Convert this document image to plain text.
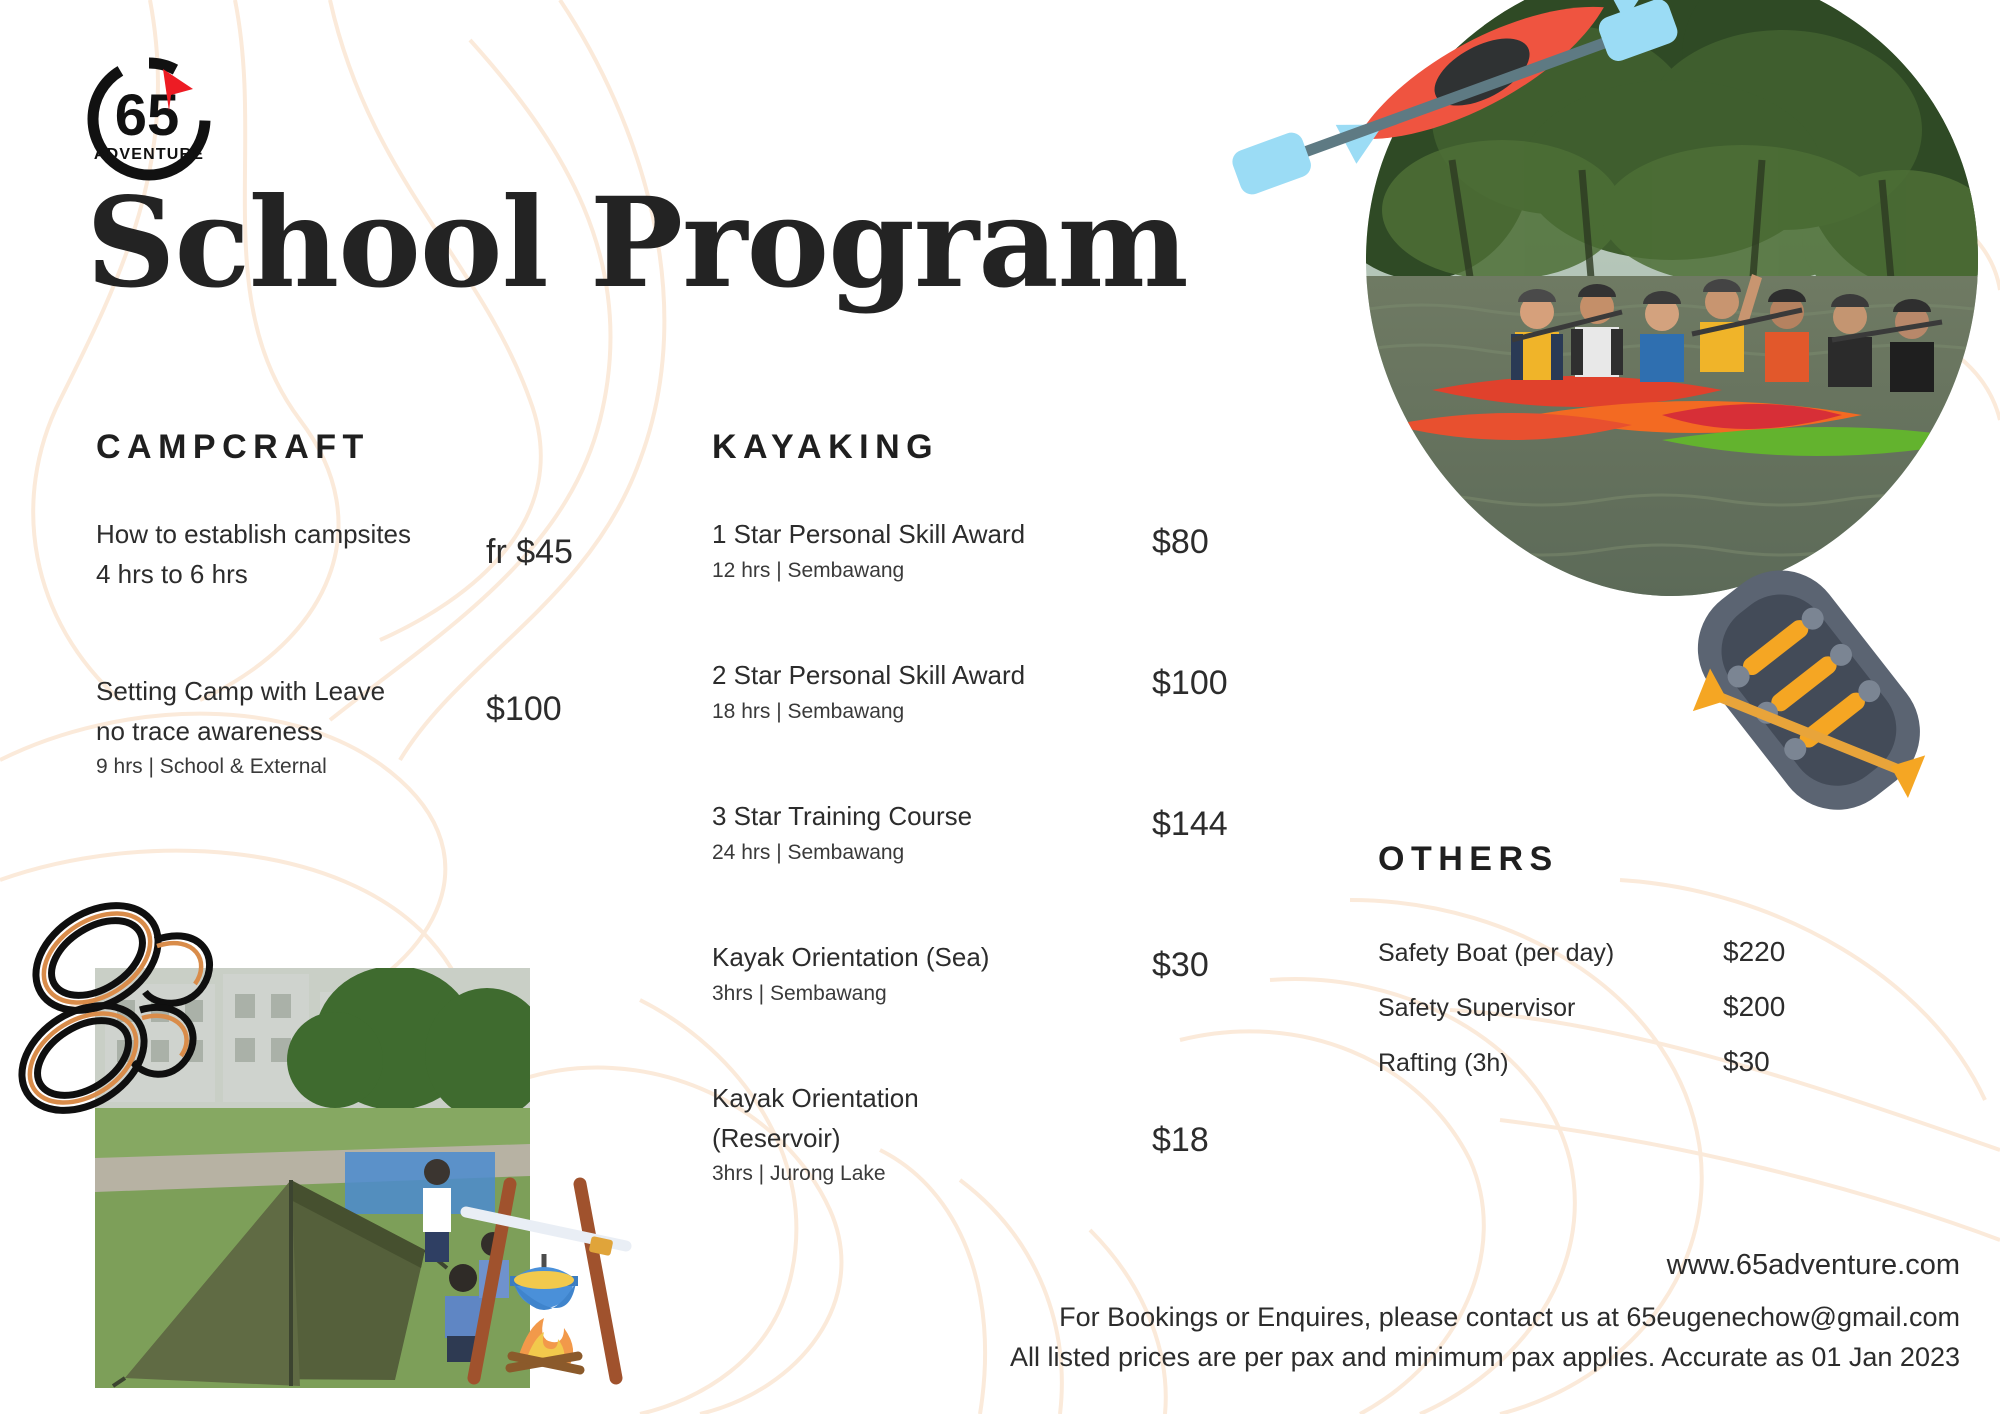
65
ADVENTURE
School Program
CAMPCRAFT
How to establish campsites
4 hrs to 6 hrs
fr $45
Setting Camp with Leave
no trace awareness
9 hrs | School & External
$100
KAYAKING
1 Star Personal Skill Award
12 hrs | Sembawang
$80
2 Star Personal Skill Award
18 hrs | Sembawang
$100
3 Star Training Course
24 hrs | Sembawang
$144
Kayak Orientation (Sea)
3hrs | Sembawang
$30
Kayak Orientation
(Reservoir)
3hrs | Jurong Lake
$18
OTHERS
Safety Boat (per day)	$220
Safety Supervisor	$200
Rafting (3h)	$30
www.65adventure.com
For Bookings or Enquires, please contact us at 65eugenechow@gmail.com
All listed prices are per pax and minimum pax applies. Accurate as 01 Jan 2023
